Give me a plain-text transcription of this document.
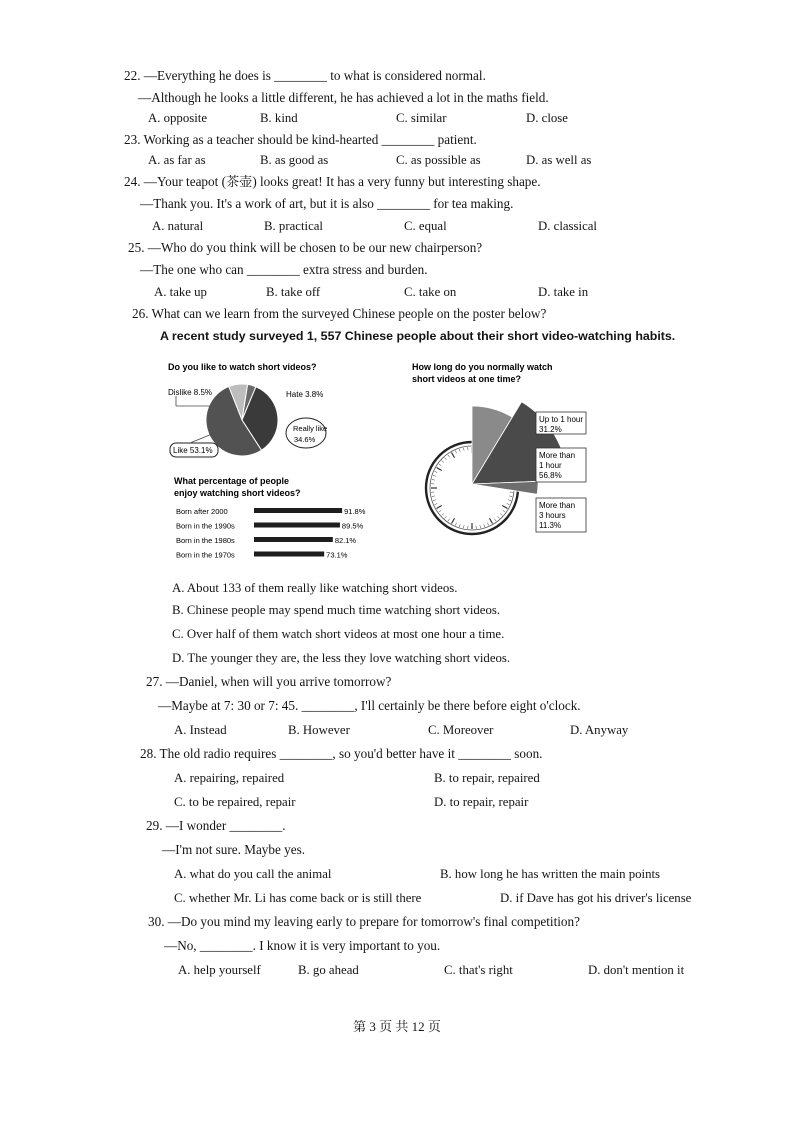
22. —Everything he does is ________ to what is considered normal.
—Although he looks a little different, he has achieved a lot in the maths field.
A. opposite	B. kind	C. similar	D. close
23. Working as a teacher should be kind-hearted ________ patient.
A. as far as	B. as good as	C. as possible as	D. as well as
24. —Your teapot (茶壶) looks great! It has a very funny but interesting shape.
—Thank you. It's a work of art, but it is also ________ for tea making.
A. natural	B. practical	C. equal	D. classical
25. —Who do you think will be chosen to be our new chairperson?
—The one who can ________ extra stress and burden.
A. take up	B. take off	C. take on	D. take in
26. What can we learn from the surveyed Chinese people on the poster below?
A recent study surveyed 1, 557 Chinese people about their short video-watching habits.
Do you like to watch short videos?
Dislike 8.5%	Hate 3.8%
Really like
34.6%
Like 53.1%
What percentage of people
enjoy watching short videos?
Born after 2000	91.8%
Born in the 1990s	89.5%
Born in the 1980s	82.1%
Born in the 1970s	73.1%
How long do you normally watch
short videos at one time?
Up to 1 hour
31.2%
More than
1 hour
56.8%
More than
3 hours
11.3%
A. About 133 of them really like watching short videos.
B. Chinese people may spend much time watching short videos.
C. Over half of them watch short videos at most one hour a time.
D. The younger they are, the less they love watching short videos.
27. —Daniel, when will you arrive tomorrow?
—Maybe at 7: 30 or 7: 45. ________, I'll certainly be there before eight o'clock.
A. Instead	B. However	C. Moreover	D. Anyway
28. The old radio requires ________, so you'd better have it ________ soon.
A. repairing, repaired	B. to repair, repaired
C. to be repaired, repair	D. to repair, repair
29. —I wonder ________.
—I'm not sure. Maybe yes.
A. what do you call the animal	B. how long he has written the main points
C. whether Mr. Li has come back or is still there	D. if Dave has got his driver's license
30. —Do you mind my leaving early to prepare for tomorrow's final competition?
—No, ________. I know it is very important to you.
A. help yourself	B. go ahead	C. that's right	D. don't mention it
第 3 页 共 12 页
